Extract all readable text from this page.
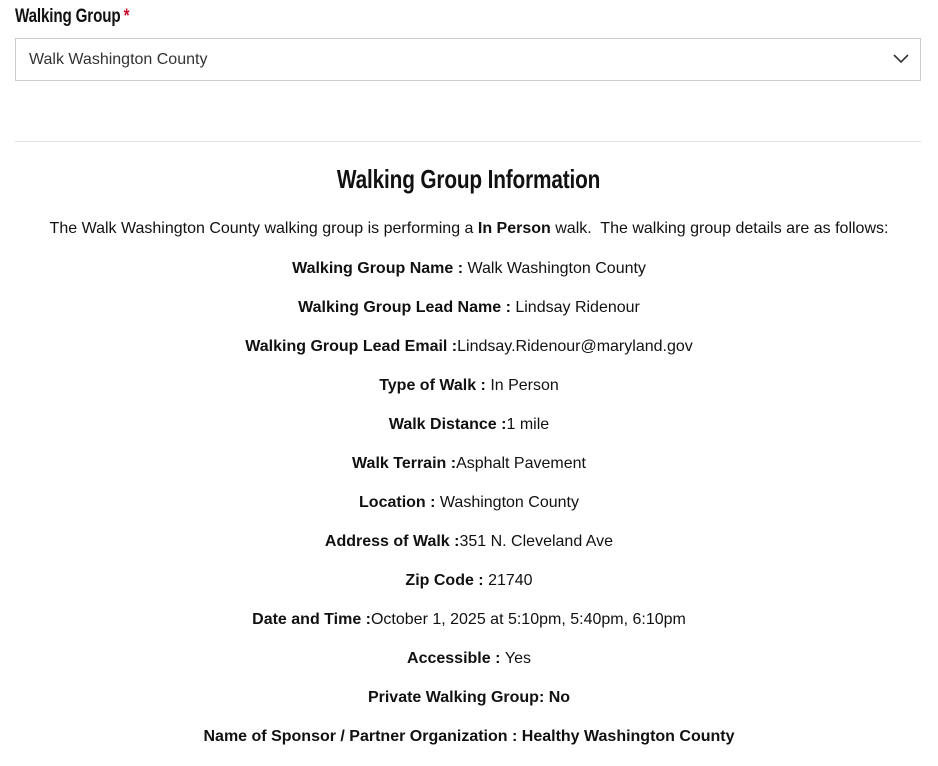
Walking Group *
Walk Washington County
Walking Group Information
The Walk Washington County walking group is performing a In Person walk.  The walking group details are as follows:
Walking Group Name : Walk Washington County
Walking Group Lead Name : Lindsay Ridenour
Walking Group Lead Email :Lindsay.Ridenour@maryland.gov
Type of Walk : In Person
Walk Distance :1 mile
Walk Terrain :Asphalt Pavement
Location : Washington County
Address of Walk :351 N. Cleveland Ave
Zip Code : 21740
Date and Time :October 1, 2025 at 5:10pm, 5:40pm, 6:10pm
Accessible : Yes
Private Walking Group: No
Name of Sponsor / Partner Organization : Healthy Washington County
